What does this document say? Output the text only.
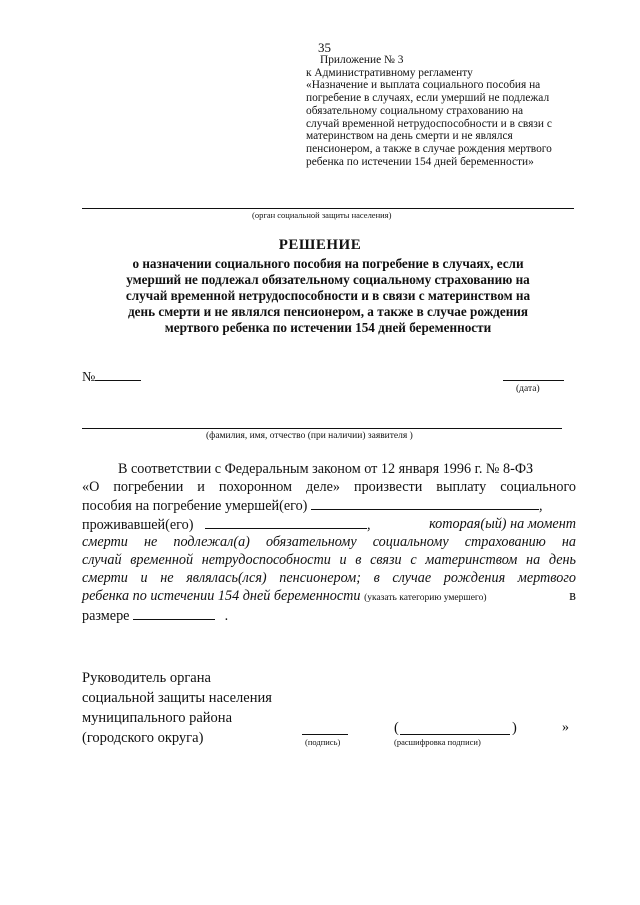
35
Приложение № 3
к Административному регламенту
«Назначение и выплата социального пособия на
погребение в случаях, если умерший не подлежал
обязательному социальному страхованию на
случай временной нетрудоспособности и в связи с
материнством на день смерти и не являлся
пенсионером, а также в случае рождения мертвого
ребенка по истечении 154 дней беременности»
(орган социальной защиты населения)
РЕШЕНИЕ
о назначении социального пособия на погребение в случаях, если
умерший не подлежал обязательному социальному страхованию на
случай временной нетрудоспособности и в связи с материнством на
день смерти и не являлся пенсионером, а также в случае рождения
мертвого ребенка по истечении 154 дней беременности
№
(дата)
(фамилия, имя, отчество (при наличии) заявителя )
В соответствии с Федеральным законом от 12 января 1996 г. № 8-ФЗ
«О погребении и похоронном деле» произвести выплату социального
пособия на погребение умершей(его)	,
проживавшей(его)	,	которая(ый) на момент
смерти не подлежал(а) обязательному социальному страхованию на
случай временной нетрудоспособности и в связи с материнством на день
смерти и не являлась(лся) пенсионером; в случае рождения мертвого
ребенка по истечении 154 дней беременности (указать категорию умершего)	в
размере	.
Руководитель органа
социальной защиты населения
муниципального района
(городского округа)	(подпись)
(	)
(расшифровка подписи)
»
